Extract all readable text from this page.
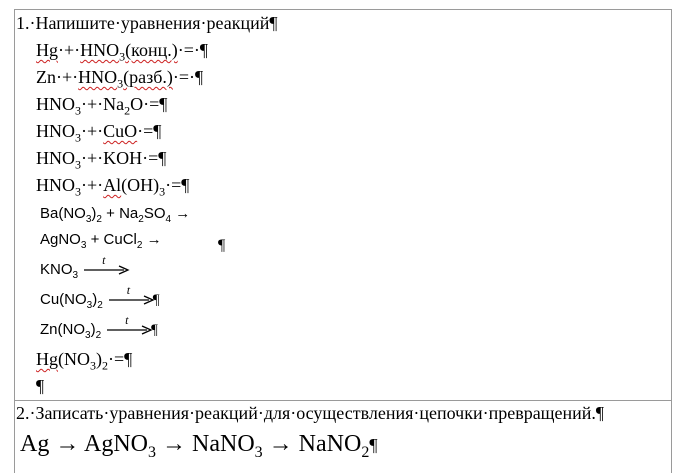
1.·Напишите·уравнения·реакций¶
$Hg\cdot+\cdot HNO_3(конц.)\cdot=\cdot\P$
$Zn\cdot+\cdot HNO_3(разб.)\cdot=\cdot\P$
$HNO_3\cdot+\cdot Na_2O\cdot=\P$
$HNO_3\cdot+\cdot CuO\cdot=\P$
$HNO_3\cdot+\cdot KOH\cdot=\P$
$HNO_3\cdot+\cdot Al(OH)_3\cdot=\P$
$Ba(NO_3)_2 + Na_2SO_4$ →
AgNO$_3$ + CuCl$_2$ →	¶
$KNO_3$
t
$Cu(NO_3)_2$
t
¶
$Zn(NO_3)_2$
t
¶
$Hg(NO_3)_2\cdot=\P$
¶
2.·Записать·уравнения·реакций·для·осуществления·цепочки·превращений.¶
Ag → AgNO$_3$ → NaNO$_3$ → NaNO$_2$¶
